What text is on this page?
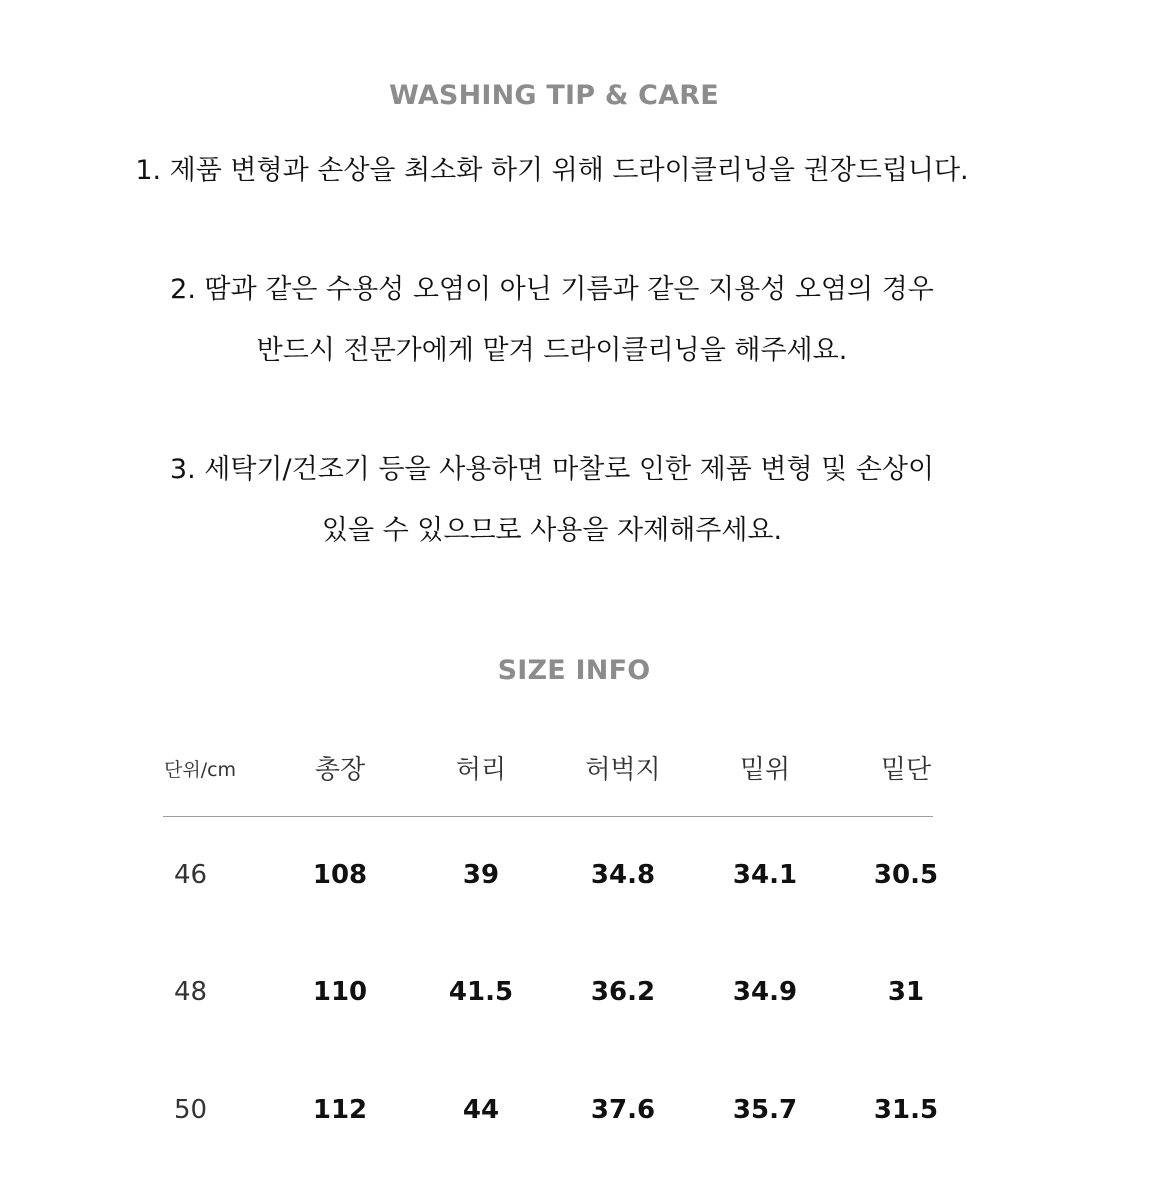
WASHING TIP & CARE

1. 제품 변형과 손상을 최소화 하기 위해 드라이클리닝을 권장드립니다.

2. 땀과 같은 수용성 오염이 아닌 기름과 같은 지용성 오염의 경우

반드시 전문가에게 맡겨 드라이클리닝을 해주세요.

3. 세탁기/건조기 등을 사용하면 마찰로 인한 제품 변형 및 손상이

있을 수 있으므로 사용을 자제해주세요.

SIZE INFO
단위/cm	총장	허리	허벅지	밑위	밑단
46	108	39	34.8	34.1	30.5
48	110	41.5	36.2	34.9	31
50	112	44	37.6	35.7	31.5
